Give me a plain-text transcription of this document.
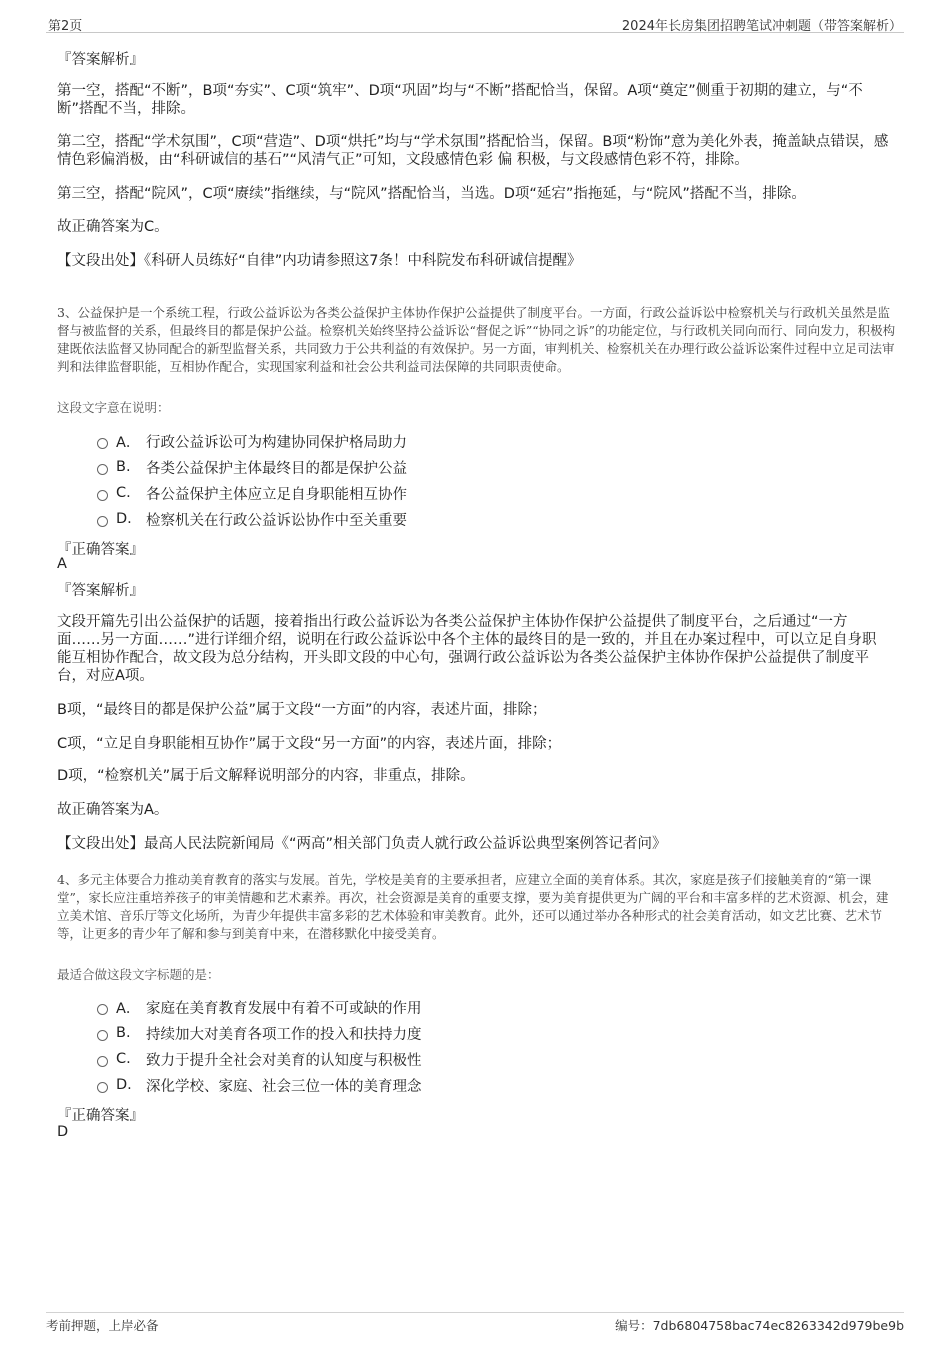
第2页	2024年长房集团招聘笔试冲刺题（带答案解析）

『答案解析』

第一空，搭配“不断”，B项“夯实”、C项“筑牢”、D项“巩固”均与“不断”搭配恰当，保留。A项“奠定”侧重于初期的建立，与“不断”搭配不当，排除。

第二空，搭配“学术氛围”，C项“营造”、D项“烘托”均与“学术氛围”搭配恰当，保留。B项“粉饰”意为美化外表，掩盖缺点错误，感情色彩偏消极，由“科研诚信的基石”“风清气正”可知，文段感情色彩 偏 积极，与文段感情色彩不符，排除。

第三空，搭配“院风”，C项“赓续”指继续，与“院风”搭配恰当，当选。D项“延宕”指拖延，与“院风”搭配不当，排除。

故正确答案为C。

【文段出处】《科研人员练好“自律”内功请参照这7条！中科院发布科研诚信提醒》

3、公益保护是一个系统工程，行政公益诉讼为各类公益保护主体协作保护公益提供了制度平台。一方面，行政公益诉讼中检察机关与行政机关虽然是监督与被监督的关系，但最终目的都是保护公益。检察机关始终坚持公益诉讼“督促之诉”“协同之诉”的功能定位，与行政机关同向而行、同向发力，积极构建既依法监督又协同配合的新型监督关系，共同致力于公共利益的有效保护。另一方面，审判机关、检察机关在办理行政公益诉讼案件过程中立足司法审判和法律监督职能，互相协作配合，实现国家利益和社会公共利益司法保障的共同职责使命。

这段文字意在说明：

A． 行政公益诉讼可为构建协同保护格局助力
B.	各类公益保护主体最终目的都是保护公益
C.	各公益保护主体应立足自身职能相互协作
D. 检察机关在行政公益诉讼协作中至关重要

『正确答案』

A

『答案解析』

文段开篇先引出公益保护的话题，接着指出行政公益诉讼为各类公益保护主体协作保护公益提供了制度平台，之后通过“一方面……另一方面……”进行详细介绍，说明在行政公益诉讼中各个主体的最终目的是一致的，并且在办案过程中，可以立足自身职能互相协作配合，故文段为总分结构，开头即文段的中心句，强调行政公益诉讼为各类公益保护主体协作保护公益提供了制度平台，对应A项。

B项，“最终目的都是保护公益”属于文段“一方面”的内容，表述片面，排除；

C项，“立足自身职能相互协作”属于文段“另一方面”的内容，表述片面，排除；

D项，“检察机关”属于后文解释说明部分的内容，非重点，排除。

故正确答案为A。

【文段出处】最高人民法院新闻局《“两高”相关部门负责人就行政公益诉讼典型案例答记者问》

4、多元主体要合力推动美育教育的落实与发展。首先，学校是美育的主要承担者，应建立全面的美育体系。其次，家庭是孩子们接触美育的“第一课堂”，家长应注重培养孩子的审美情趣和艺术素养。再次，社会资源是美育的重要支撑，要为美育提供更为广阔的平台和丰富多样的艺术资源、机会，建立美术馆、音乐厅等文化场所，为青少年提供丰富多彩的艺术体验和审美教育。此外，还可以通过举办各种形式的社会美育活动，如文艺比赛、艺术节等，让更多的青少年了解和参与到美育中来，在潜移默化中接受美育。

最适合做这段文字标题的是：

A． 家庭在美育教育发展中有着不可或缺的作用
B.	持续加大对美育各项工作的投入和扶持力度
C.	致力于提升全社会对美育的认知度与积极性
D. 深化学校、家庭、社会三位一体的美育理念

『正确答案』

D

考前押题，上岸必备	编号：7db6804758bac74ec8263342d979be9b
